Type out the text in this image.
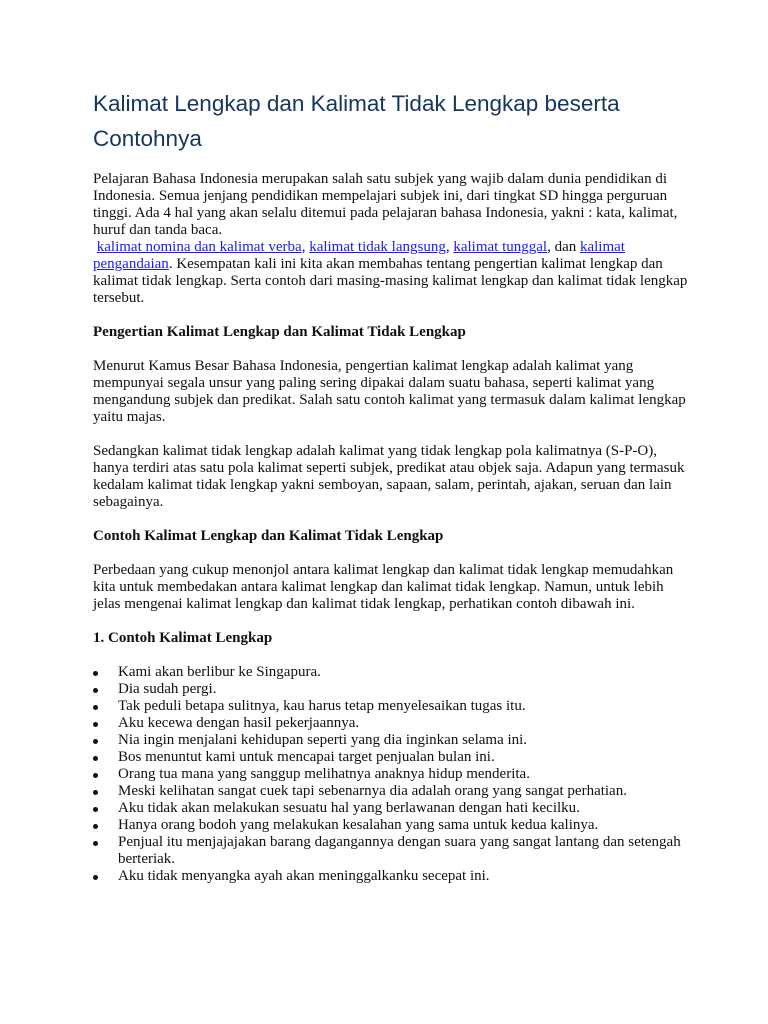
Kalimat Lengkap dan Kalimat Tidak Lengkap beserta Contohnya

Pelajaran Bahasa Indonesia merupakan salah satu subjek yang wajib dalam dunia pendidikan di Indonesia. Semua jenjang pendidikan mempelajari subjek ini, dari tingkat SD hingga perguruan tinggi. Ada 4 hal yang akan selalu ditemui pada pelajaran bahasa Indonesia, yakni : kata, kalimat, huruf dan tanda baca.
kalimat nomina dan kalimat verba, kalimat tidak langsung, kalimat tunggal, dan kalimat pengandaian. Kesempatan kali ini kita akan membahas tentang pengertian kalimat lengkap dan kalimat tidak lengkap. Serta contoh dari masing-masing kalimat lengkap dan kalimat tidak lengkap tersebut.

Pengertian Kalimat Lengkap dan Kalimat Tidak Lengkap

Menurut Kamus Besar Bahasa Indonesia, pengertian kalimat lengkap adalah kalimat yang mempunyai segala unsur yang paling sering dipakai dalam suatu bahasa, seperti kalimat yang mengandung subjek dan predikat. Salah satu contoh kalimat yang termasuk dalam kalimat lengkap yaitu majas.

Sedangkan kalimat tidak lengkap adalah kalimat yang tidak lengkap pola kalimatnya (S-P-O), hanya terdiri atas satu pola kalimat seperti subjek, predikat atau objek saja. Adapun yang termasuk kedalam kalimat tidak lengkap yakni semboyan, sapaan, salam, perintah, ajakan, seruan dan lain sebagainya.

Contoh Kalimat Lengkap dan Kalimat Tidak Lengkap

Perbedaan yang cukup menonjol antara kalimat lengkap dan kalimat tidak lengkap memudahkan kita untuk membedakan antara kalimat lengkap dan kalimat tidak lengkap. Namun, untuk lebih jelas mengenai kalimat lengkap dan kalimat tidak lengkap, perhatikan contoh dibawah ini.

1. Contoh Kalimat Lengkap
Kami akan berlibur ke Singapura.
Dia sudah pergi.
Tak peduli betapa sulitnya, kau harus tetap menyelesaikan tugas itu.
Aku kecewa dengan hasil pekerjaannya.
Nia ingin menjalani kehidupan seperti yang dia inginkan selama ini.
Bos menuntut kami untuk mencapai target penjualan bulan ini.
Orang tua mana yang sanggup melihatnya anaknya hidup menderita.
Meski kelihatan sangat cuek tapi sebenarnya dia adalah orang yang sangat perhatian.
Aku tidak akan melakukan sesuatu hal yang berlawanan dengan hati kecilku.
Hanya orang bodoh yang melakukan kesalahan yang sama untuk kedua kalinya.
Penjual itu menjajajakan barang dagangannya dengan suara yang sangat lantang dan setengah berteriak.
Aku tidak menyangka ayah akan meninggalkanku secepat ini.
